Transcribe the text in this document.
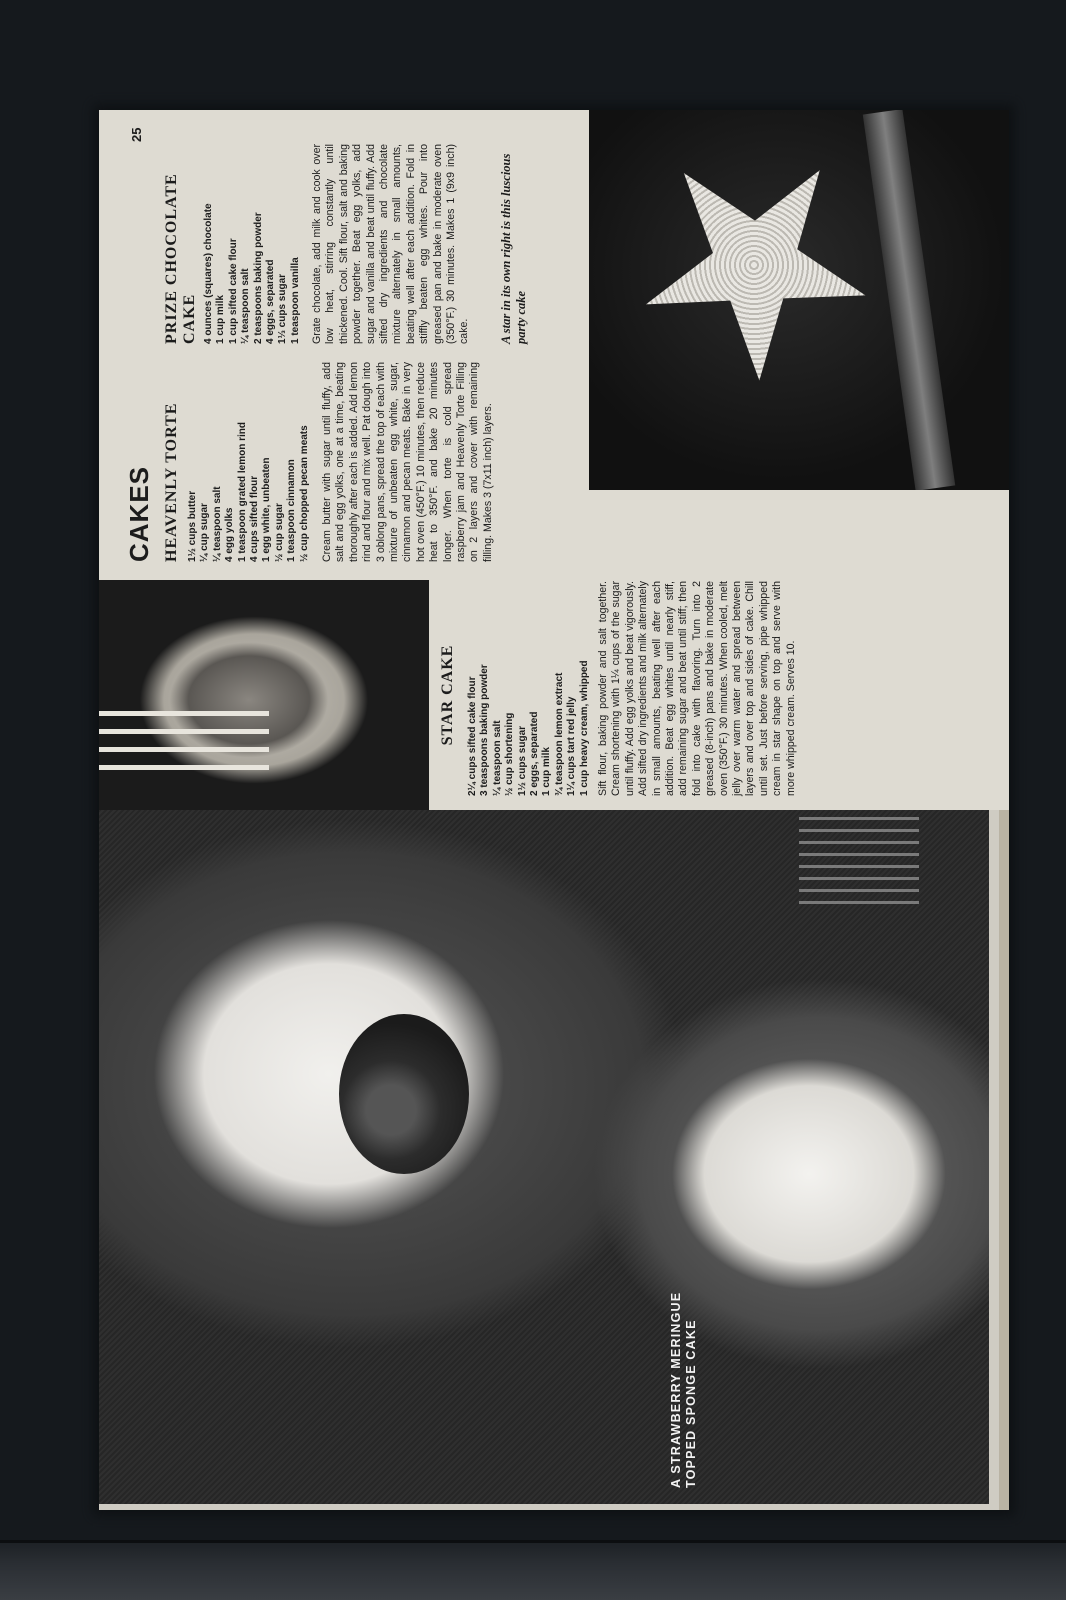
A STRAWBERRY MERINGUE TOPPED SPONGE CAKE
25
CAKES HEAVENLY TORTE 1½ cups butter ¼ cup sugar ¼ teaspoon salt 4 egg yolks 1 teaspoon grated lemon rind 4 cups sifted flour 1 egg white, unbeaten ½ cup sugar 1 teaspoon cinnamon ½ cup chopped pecan meats Cream butter with sugar until fluffy, add salt and egg yolks, one at a time, beating thoroughly after each is added. Add lemon rind and flour and mix well. Pat dough into 3 oblong pans, spread the top of each with mixture of unbeaten egg white, sugar, cinnamon and pecan meats. Bake in very hot oven (450°F.) 10 minutes, then reduce heat to 350°F. and bake 20 minutes longer. When torte is cold spread raspberry jam and Heavenly Torte Filling on 2 layers and cover with remaining filling. Makes 3 (7x11 inch) layers.
PRIZE CHOCOLATE CAKE 4 ounces (squares) chocolate 1 cup milk 1 cup sifted cake flour ¼ teaspoon salt 2 teaspoons baking powder 4 eggs, separated 1⅓ cups sugar 1 teaspoon vanilla Grate chocolate, add milk and cook over low heat, stirring constantly until thickened. Cool. Sift flour, salt and baking powder together. Beat egg yolks, add sugar and vanilla and beat until fluffy. Add sifted dry ingredients and chocolate mixture alternately in small amounts, beating well after each addition. Fold in stiffly beaten egg whites. Pour into greased pan and bake in moderate oven (350°F.) 30 minutes. Makes 1 (9x9 inch) cake. A star in its own right is this luscious party cake
STAR CAKE 2¼ cups sifted cake flour 3 teaspoons baking powder ¼ teaspoon salt ½ cup shortening 1½ cups sugar 2 eggs, separated 1 cup milk ¾ teaspoon lemon extract 1¼ cups tart red jelly 1 cup heavy cream, whipped Sift flour, baking powder and salt together. Cream shortening with 1¼ cups of the sugar until fluffy. Add egg yolks and beat vigorously. Add sifted dry ingredients and milk alternately in small amounts, beating well after each addition. Beat egg whites until nearly stiff, add remaining sugar and beat until stiff; then fold into cake with flavoring. Turn into 2 greased (8-inch) pans and bake in moderate oven (350°F.) 30 minutes. When cooled, melt jelly over warm water and spread between layers and over top and sides of cake. Chill until set. Just before serving, pipe whipped cream in star shape on top and serve with more whipped cream. Serves 10.
